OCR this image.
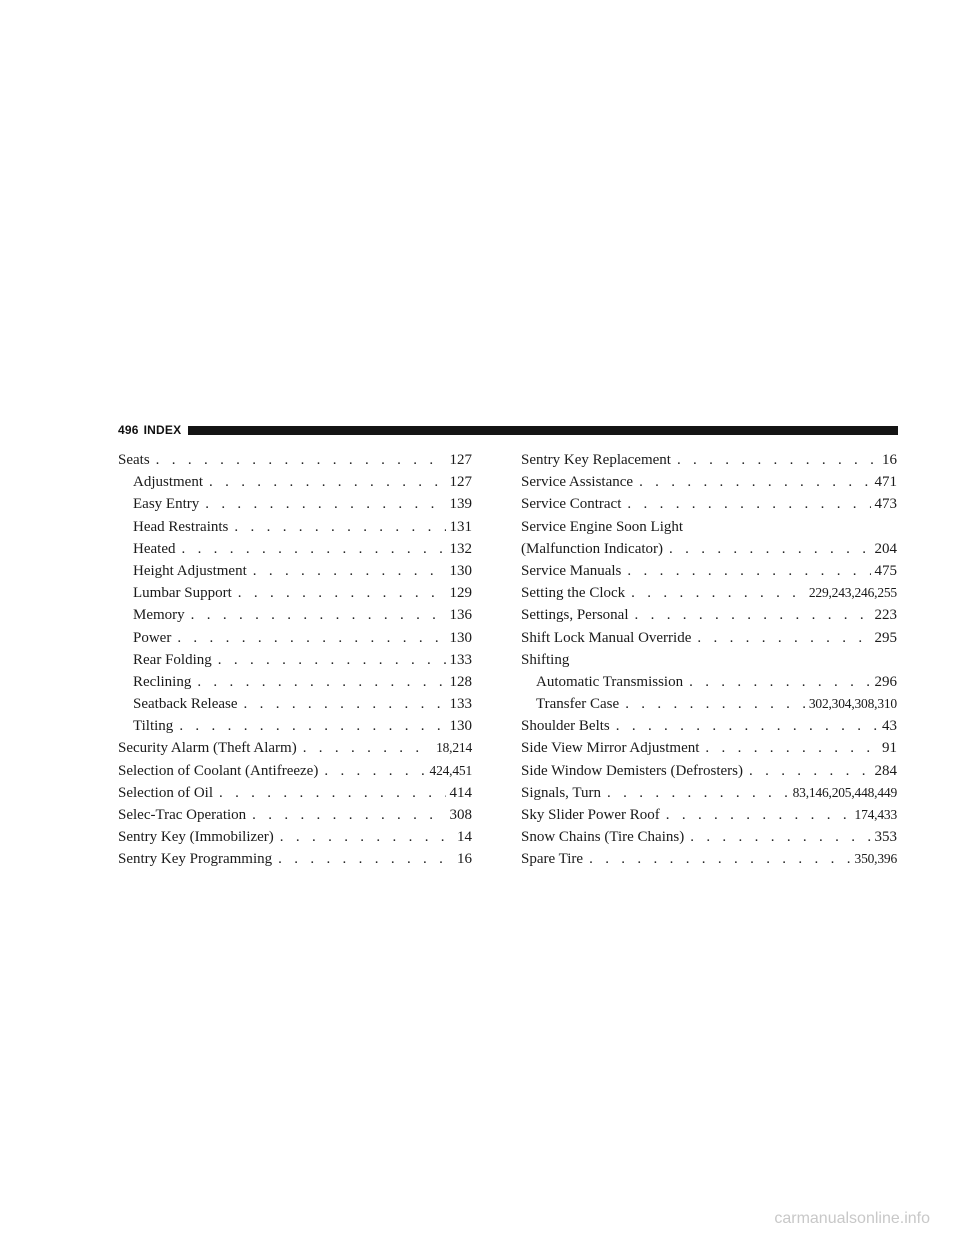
496 INDEX
Seats . . .	127
Adjustment . . .	127
Easy Entry . . .	139
Head Restraints . . .	131
Heated . . .	132
Height Adjustment . . .	130
Lumbar Support . . .	129
Memory . . .	136
Power . . .	130
Rear Folding . . .	133
Reclining . . .	128
Seatback Release . . .	133
Tilting . . .	130
Security Alarm (Theft Alarm) . . .	18,214
Selection of Coolant (Antifreeze) . . .	424,451
Selection of Oil . . .	414
Selec-Trac Operation . . .	308
Sentry Key (Immobilizer) . . .	14
Sentry Key Programming . . .	16
Sentry Key Replacement . . .	16
Service Assistance . . .	471
Service Contract . . .	473
Service Engine Soon Light
(Malfunction Indicator) . . .	204
Service Manuals . . .	475
Setting the Clock . . .	229,243,246,255
Settings, Personal . . .	223
Shift Lock Manual Override . . .	295
Shifting
Automatic Transmission . . .	296
Transfer Case . . .	302,304,308,310
Shoulder Belts . . .	43
Side View Mirror Adjustment . . .	91
Side Window Demisters (Defrosters) . . .	284
Signals, Turn . . .	83,146,205,448,449
Sky Slider Power Roof . . .	174,433
Snow Chains (Tire Chains) . . .	353
Spare Tire . . .	350,396
carmanualsonline.info
